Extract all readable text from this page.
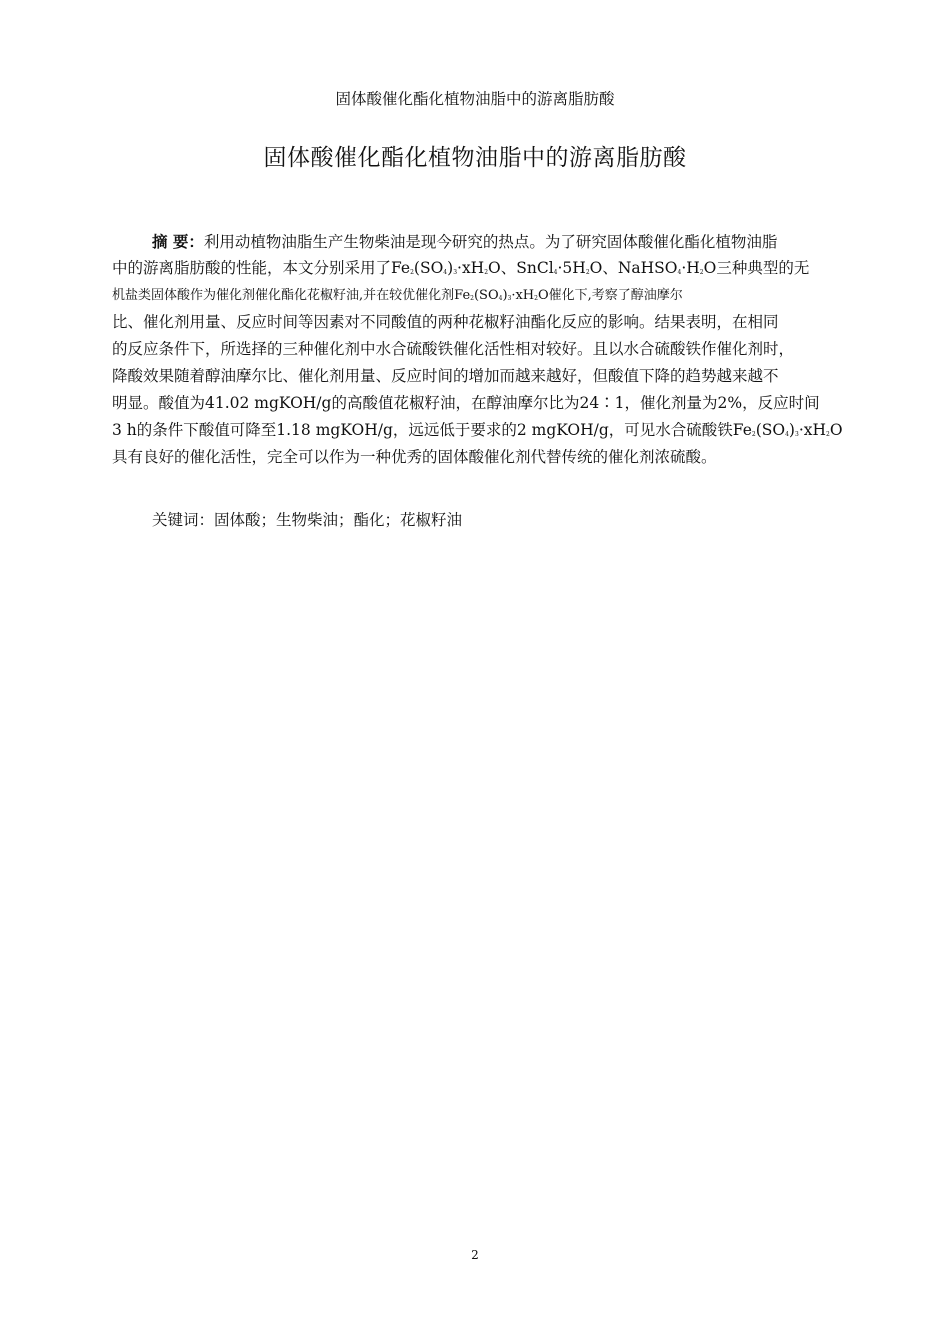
固体酸催化酯化植物油脂中的游离脂肪酸
固体酸催化酯化植物油脂中的游离脂肪酸
摘 要：利用动植物油脂生产生物柴油是现今研究的热点。为了研究固体酸催化酯化植物油脂
中的游离脂肪酸的性能，本文分别采用了$Fe_2(SO_4)_3\cdot xH_2O$、$SnCl_4\cdot 5H_2O$、$NaHSO_4\cdot H_2O$三种典型的无
机盐类固体酸作为催化剂催化酯化花椒籽油,并在较优催化剂$Fe_2(SO_4)_3\cdot xH_2O$催化下,考察了醇油摩尔
比、催化剂用量、反应时间等因素对不同酸值的两种花椒籽油酯化反应的影响。结果表明，在相同
的反应条件下，所选择的三种催化剂中水合硫酸铁催化活性相对较好。且以水合硫酸铁作催化剂时，
降酸效果随着醇油摩尔比、催化剂用量、反应时间的增加而越来越好，但酸值下降的趋势越来越不
明显。酸值为41.02 mgKOH/g的高酸值花椒籽油，在醇油摩尔比为24∶1，催化剂量为2%，反应时间
3 h的条件下酸值可降至1.18 mgKOH/g，远远低于要求的2 mgKOH/g，可见水合硫酸铁$Fe_2(SO_4)_3\cdot xH_2O$
具有良好的催化活性，完全可以作为一种优秀的固体酸催化剂代替传统的催化剂浓硫酸。
关键词：固体酸；生物柴油；酯化；花椒籽油
2
